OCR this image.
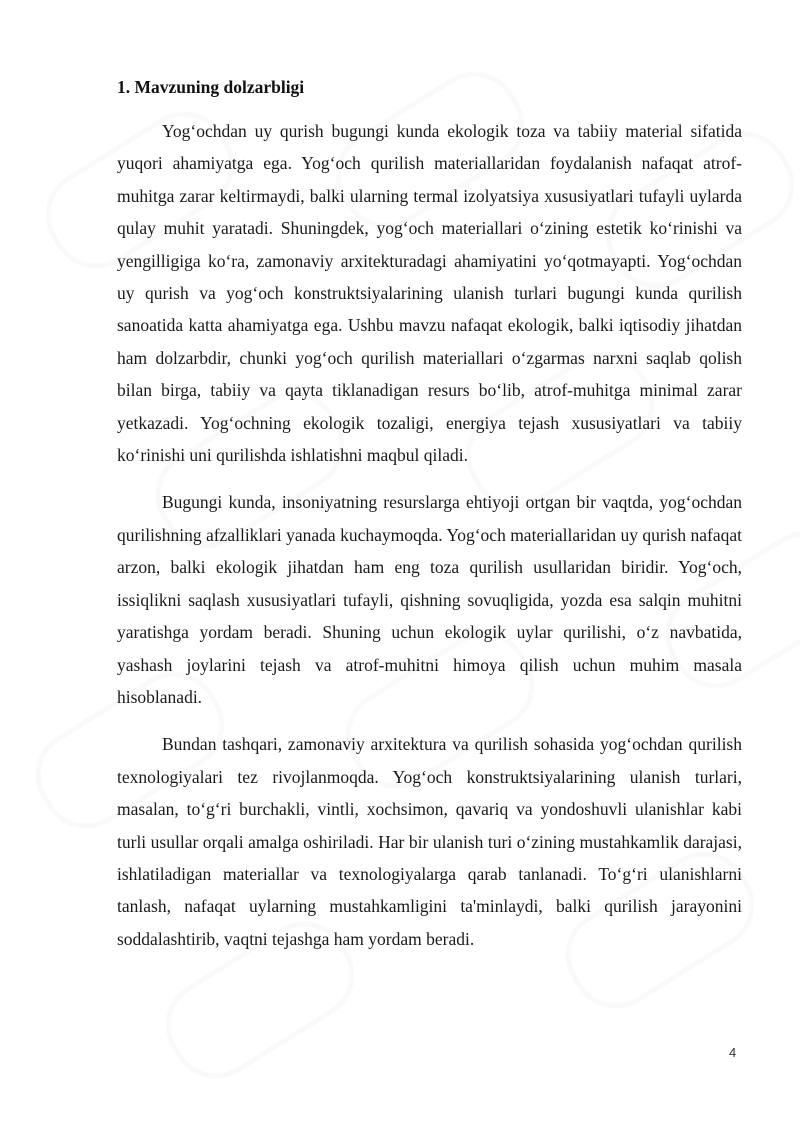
1. Mavzuning dolzarbligi

Yog‘ochdan uy qurish bugungi kunda ekologik toza va tabiiy material sifatida yuqori ahamiyatga ega. Yog‘och qurilish materiallaridan foydalanish nafaqat atrof-muhitga zarar keltirmaydi, balki ularning termal izolyatsiya xususiyatlari tufayli uylarda qulay muhit yaratadi. Shuningdek, yog‘och materiallari o‘zining estetik ko‘rinishi va yengilligiga ko‘ra, zamonaviy arxitekturadagi ahamiyatini yo‘qotmayapti. Yog‘ochdan uy qurish va yog‘och konstruktsiyalarining ulanish turlari bugungi kunda qurilish sanoatida katta ahamiyatga ega. Ushbu mavzu nafaqat ekologik, balki iqtisodiy jihatdan ham dolzarbdir, chunki yog‘och qurilish materiallari o‘zgarmas narxni saqlab qolish bilan birga, tabiiy va qayta tiklanadigan resurs bo‘lib, atrof-muhitga minimal zarar yetkazadi. Yog‘ochning ekologik tozaligi, energiya tejash xususiyatlari va tabiiy ko‘rinishi uni qurilishda ishlatishni maqbul qiladi.

Bugungi kunda, insoniyatning resurslarga ehtiyoji ortgan bir vaqtda, yog‘ochdan qurilishning afzalliklari yanada kuchaymoqda. Yog‘och materiallaridan uy qurish nafaqat arzon, balki ekologik jihatdan ham eng toza qurilish usullaridan biridir. Yog‘och, issiqlikni saqlash xususiyatlari tufayli, qishning sovuqligida, yozda esa salqin muhitni yaratishga yordam beradi. Shuning uchun ekologik uylar qurilishi, o‘z navbatida, yashash joylarini tejash va atrof-muhitni himoya qilish uchun muhim masala hisoblanadi.

Bundan tashqari, zamonaviy arxitektura va qurilish sohasida yog‘ochdan qurilish texnologiyalari tez rivojlanmoqda. Yog‘och konstruktsiyalarining ulanish turlari, masalan, to‘g‘ri burchakli, vintli, xochsimon, qavariq va yondoshuvli ulanishlar kabi turli usullar orqali amalga oshiriladi. Har bir ulanish turi o‘zining mustahkamlik darajasi, ishlatiladigan materiallar va texnologiyalarga qarab tanlanadi. To‘g‘ri ulanishlarni tanlash, nafaqat uylarning mustahkamligini ta'minlaydi, balki qurilish jarayonini soddalashtirib, vaqtni tejashga ham yordam beradi.

4
